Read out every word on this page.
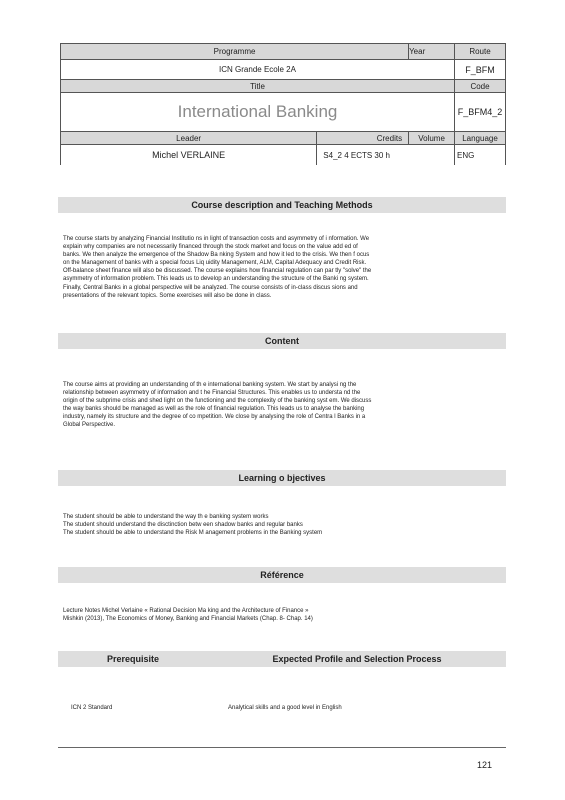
Programme		Year	Route
ICN Grande Ecole 2A			F_BFM
Title			Code
International Banking			F_BFM4_2
Leader	Credits	Volume	Language
Michel VERLAINE	S4_2 4 ECTS 30 h		ENG
Course description and Teaching Methods
The course starts by analyzing Financial Institutio ns in light of transaction costs and asymmetry of i nformation. We
explain why companies are not necessarily financed through the stock market and focus on the value add ed of
banks. We then analyze the emergence of the Shadow Ba nking System and how it led to the crisis. We then f ocus
on the Management of banks with a special focus Liq uidity Management, ALM, Capital Adequacy and Credit Risk.
Off-balance sheet finance will also be discussed. The course explains how financial regulation can par tly "solve" the
asymmetry of information problem. This leads us to develop an understanding the structure of the Banki ng system.
Finally, Central Banks in a global perspective will be analyzed. The course consists of in-class discus sions and
presentations of the relevant topics. Some exercises will also be done in class.
Content
The course aims at providing an understanding of th e international banking system. We start by analysi ng the
relationship between asymmetry of information and t he Financial Structures. This enables us to understa nd the
origin of the subprime crisis and shed light on the functioning and the complexity of the banking syst em. We discuss
the way banks should be managed as well as the role of financial regulation. This leads us to analyse the banking
industry, namely its structure and the degree of co mpetition. We close by analysing the role of Centra l Banks in a
Global Perspective.
Learning o bjectives
The student should be able to understand the way th e banking system works
The student should understand the disctinction betw een shadow banks and regular banks
The student should be able to understand the Risk M anagement problems in the Banking system
Référence
Lecture Notes Michel Verlaine « Rational Decision Ma king and the Architecture of Finance »
Mishkin (2013), The Economics of Money, Banking and Financial Markets (Chap. 8- Chap. 14)
Prerequisite	Expected Profile and Selection Process
ICN 2 Standard	Analytical skills and a good level in English
121
